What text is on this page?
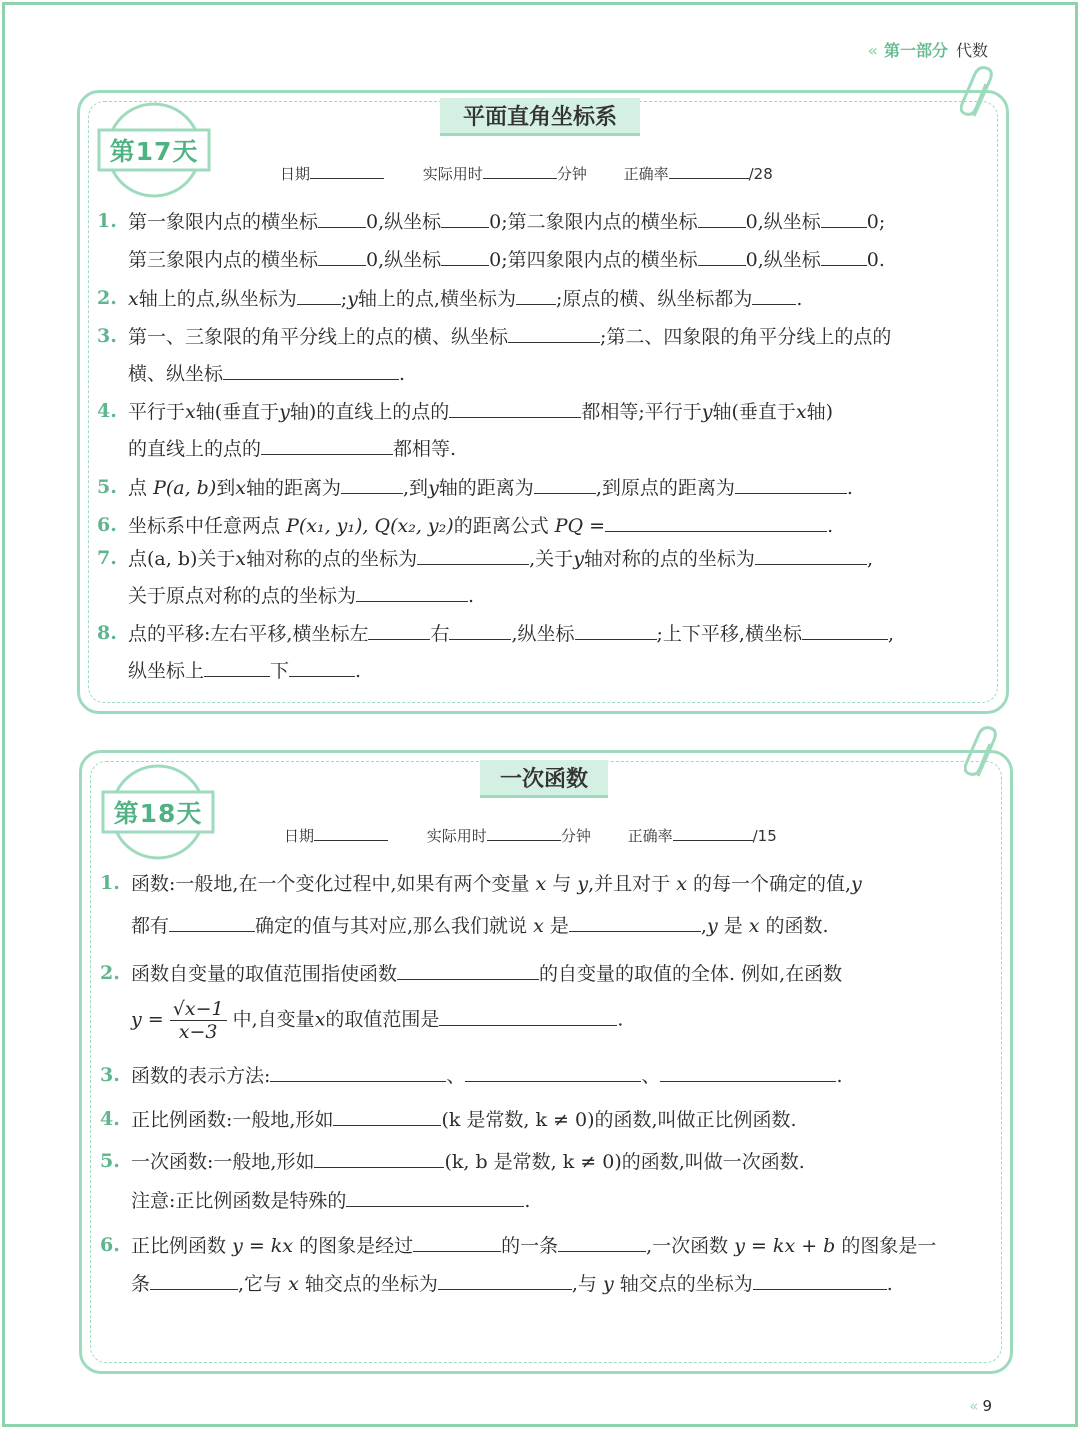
« 第一部分 代数
第17天
平面直角坐标系
日期	实际用时	分钟 正确率	/28
1. 第一象限内点的横坐标	0,纵坐标	0;第二象限内点的横坐标	0,纵坐标 0;
第三象限内点的横坐标	0,纵坐标	0;第四象限内点的横坐标	0,纵坐标 0.
2. x轴上的点,纵坐标为 ;y轴上的点,横坐标为 ;原点的横、纵坐标都为 .
3. 第一、三象限的角平分线上的点的横、纵坐标	;第二、四象限的角平分线上的点的
横、纵坐标	.
4. 平行于x轴(垂直于y轴)的直线上的点的	都相等;平行于y轴(垂直于x轴)
的直线上的点的	都相等.
5. 点 P(a, b)到x轴的距离为	,到y轴的距离为	,到原点的距离为	.
6. 坐标系中任意两点 P(x₁, y₁), Q(x₂, y₂)的距离公式 PQ =	.
7. 点(a, b)关于x轴对称的点的坐标为	,关于y轴对称的点的坐标为	,
关于原点对称的点的坐标为	.
8. 点的平移:左右平移,横坐标左	右	,纵坐标	;上下平移,横坐标	,
纵坐标上	下	.
第18天
一次函数
日期	实际用时	分钟 正确率	/15
1. 函数:一般地,在一个变化过程中,如果有两个变量 x 与 y,并且对于 x 的每一个确定的值,y
都有	确定的值与其对应,那么我们就说 x 是	,y 是 x 的函数.
2. 函数自变量的取值范围指使函数	的自变量的取值的全体. 例如,在函数
$y = \frac{√x-1}{x-3}$ 中,自变量x的取值范围是	.
3. 函数的表示方法:	、	、	.
4. 正比例函数:一般地,形如	(k 是常数, k ≠ 0)的函数,叫做正比例函数.
5. 一次函数:一般地,形如	(k, b 是常数, k ≠ 0)的函数,叫做一次函数.
注意:正比例函数是特殊的	.
6. 正比例函数 y = kx 的图象是经过	的一条	,一次函数 y = kx + b 的图象是一
条	,它与 x 轴交点的坐标为	,与 y 轴交点的坐标为	.
« 9
